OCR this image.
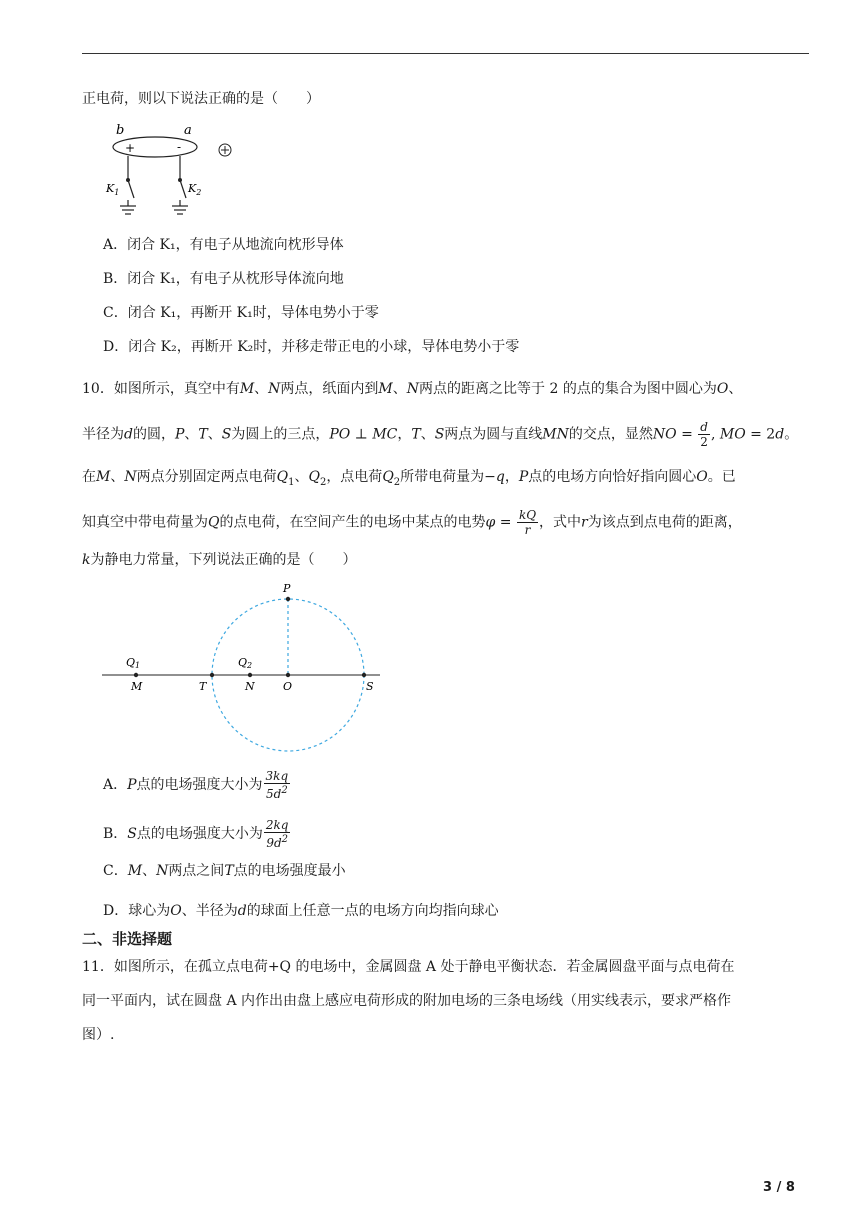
正电荷，则以下说法正确的是（　　）
b	a
+	-
$K_1$	$K_2$
A．闭合 K₁，有电子从地流向枕形导体
B．闭合 K₁，有电子从枕形导体流向地
C．闭合 K₁，再断开 K₁时，导体电势小于零
D．闭合 K₂，再断开 K₂时，并移走带正电的小球，导体电势小于零
10．如图所示，真空中有M、N两点，纸面内到M、N两点的距离之比等于 2 的点的集合为图中圆心为O、
半径为d的圆，P、T、S为圆上的三点，PO ⊥ MC，T、S两点为圆与直线MN的交点，显然NO = $\frac{d}{2}$ , MO = 2d。
在M、N两点分别固定两点电荷$Q_1$、$Q_2$，点电荷$Q_2$所带电荷量为−q，P点的电场方向恰好指向圆心O。已
知真空中带电荷量为Q的点电荷，在空间产生的电场中某点的电势$\varphi = \frac{kQ}{r}$ ，式中r为该点到点电荷的距离，
k为静电力常量，下列说法正确的是（　　）
P
Q1	Q2
M	T	N	O	S
A．P点的电场强度大小为 $\frac{3kq}{5d^2}$
B．S点的电场强度大小为 $\frac{2kq}{9d^2}$
C．M、N两点之间T点的电场强度最小
D．球心为O、半径为d的球面上任意一点的电场方向均指向球心
二、非选择题
11．如图所示，在孤立点电荷+Q 的电场中，金属圆盘 A 处于静电平衡状态．若金属圆盘平面与点电荷在
同一平面内，试在圆盘 A 内作出由盘上感应电荷形成的附加电场的三条电场线（用实线表示，要求严格作
图）.
3 / 8
